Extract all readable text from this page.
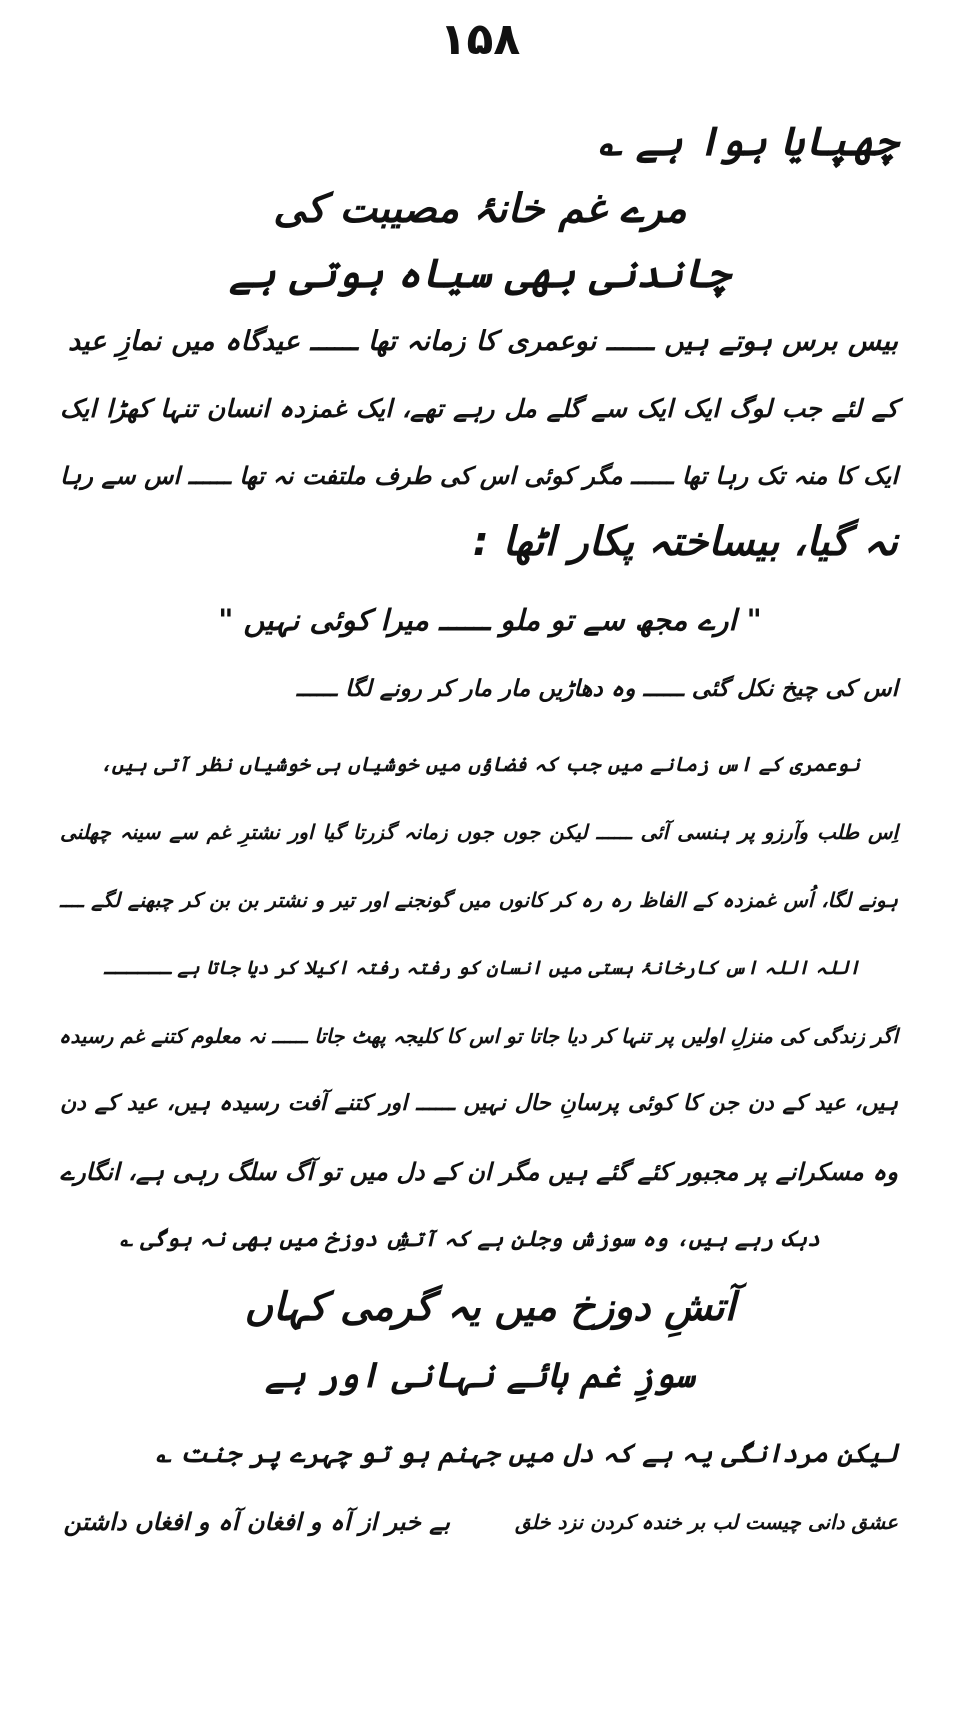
۱۵۸
چھپایا ہوا ہے ؎
مرے غم خانۂ مصیبت کی
چاندنی بھی سیاہ ہوتی ہے
بیس برس ہوتے ہیں ــــــ نوعمری کا زمانہ تھا ــــــ عیدگاہ میں نمازِ عید
کے لئے جب لوگ ایک ایک سے گلے مل رہے تھے، ایک غمزدہ انسان تنہا کھڑا ایک
ایک کا منہ تک رہا تھا ــــــ مگر کوئی اس کی طرف ملتفت نہ تھا ــــــ اس سے رہا
نہ گیا، بیساختہ پکار اٹھا :
" ارے مجھ سے تو ملو ــــــ میرا کوئی نہیں "
اس کی چیخ نکل گئی ــــــ وہ دھاڑیں مار مار کر رونے لگا ــــــ
نوعمری کے اس زمانے میں جب کہ فضاؤں میں خوشیاں ہی خوشیاں نظر آتی ہیں،
اِس طلب وآرزو پر ہنسی آئی ــــــ لیکن جوں جوں زمانہ گزرتا گیا اور نشترِ غم سے سینہ چھلنی
ہونے لگا، اُس غمزدہ کے الفاظ رہ رہ کر کانوں میں گونجنے اور تیر و نشتر بن بن کر چبھنے لگے ــــ
اللہ اللہ اس کارخانۂ ہستی میں انسان کو رفتہ رفتہ اکیلا کر دیا جاتا ہے ــــــ
اگر زندگی کی منزلِ اولیں پر تنہا کر دیا جاتا تو اس کا کلیجہ پھٹ جاتا ــــــ نہ معلوم کتنے غم رسیدہ
ہیں، عید کے دن جن کا کوئی پرسانِ حال نہیں ــــــ اور کتنے آفت رسیدہ ہیں، عید کے دن
وہ مسکرانے پر مجبور کئے گئے ہیں مگر ان کے دل میں تو آگ سلگ رہی ہے، انگارے
دہک رہے ہیں، وہ سوزش وجلن ہے کہ آتشِ دوزخ میں بھی نہ ہوگی ؎
آتشِ دوزخ میں یہ گرمی کہاں
سوزِ غم ہائے نہانی اور ہے
لیکن مردانگی یہ ہے کہ دل میں جہنم ہو تو چہرے پر جنت ؎
عشق دانی چیست لب بر خندہ کردن نزد خلق
بے خبر از آہ و افغان آہ و افغاں داشتن
